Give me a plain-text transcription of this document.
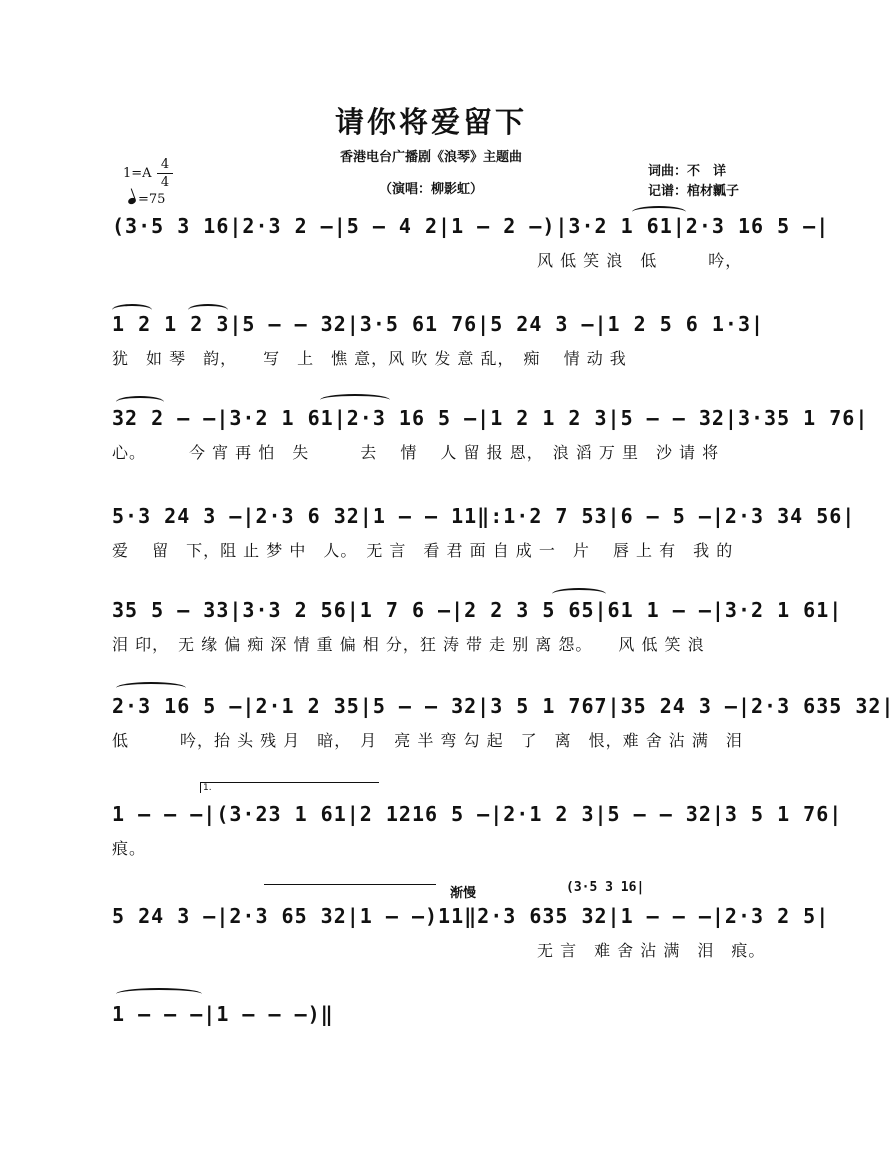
请你将爱留下
香港电台广播剧《浪琴》主题曲
（演唱：柳影虹）
词曲：不　详
记谱：棺材瓤子
1=A
4
4
=75
(3·5 3 16|2·3 2 –|5 – 4 2|1 – 2 –)|3·2 1 61|2·3 16 5 –|
　　　　　　　　　　　　　　　　　　　　　　　　　风 低 笑 浪　低　　　吟，
1 2 1 2 3|5 – – 32|3·5 61 76|5 24 3 –|1 2 5 6 1·3|
犹　如 琴　韵，　　写　上　憔 意，风 吹 发 意 乱，　痴　 情 动 我
32 2 – –|3·2 1 61|2·3 16 5 –|1 2 1 2 3|5 – – 32|3·35 1 76|
心。　　　今 宵 再 怕　失　　　去　 情　 人 留 报 恩，　浪 滔 万 里　沙 请 将
5·3 24 3 –|2·3 6 32|1 – – 11‖:1·2 7 53|6 – 5 –|2·3 34 56|
爱　 留　下，阻 止 梦 中　人。　无 言　看 君 面 自 成 一　片　 唇 上 有　我 的
35 5 – 33|3·3 2 56|1 7 6 –|2 2 3 5 65|61 1 – –|3·2 1 61|
泪 印，　无 缘 偏 痴 深 情 重 偏 相 分，狂 涛 带 走 别 离 怨。　　风 低 笑 浪
2·3 16 5 –|2·1 2 35|5 – – 32|3 5 1 767|35 24 3 –|2·3 635 32|
低　　　吟，抬 头 残 月　暗，　月　亮 半 弯 勾 起　了　离　恨，难 舍 沾 满　泪
1.
1 – – –|(3·23 1 61|2 1216 5 –|2·1 2 3|5 – – 32|3 5 1 76|
痕。
渐慢	(3·5 3 16|
5 24 3 –|2·3 65 32|1 – –)11‖2·3 635 32|1 – – –|2·3 2 5|
　　　　　　　　　　　　　　　　　　　　　　　　　无 言　难 舍 沾 满　泪　痕。
1 – – –|1 – – –)‖
